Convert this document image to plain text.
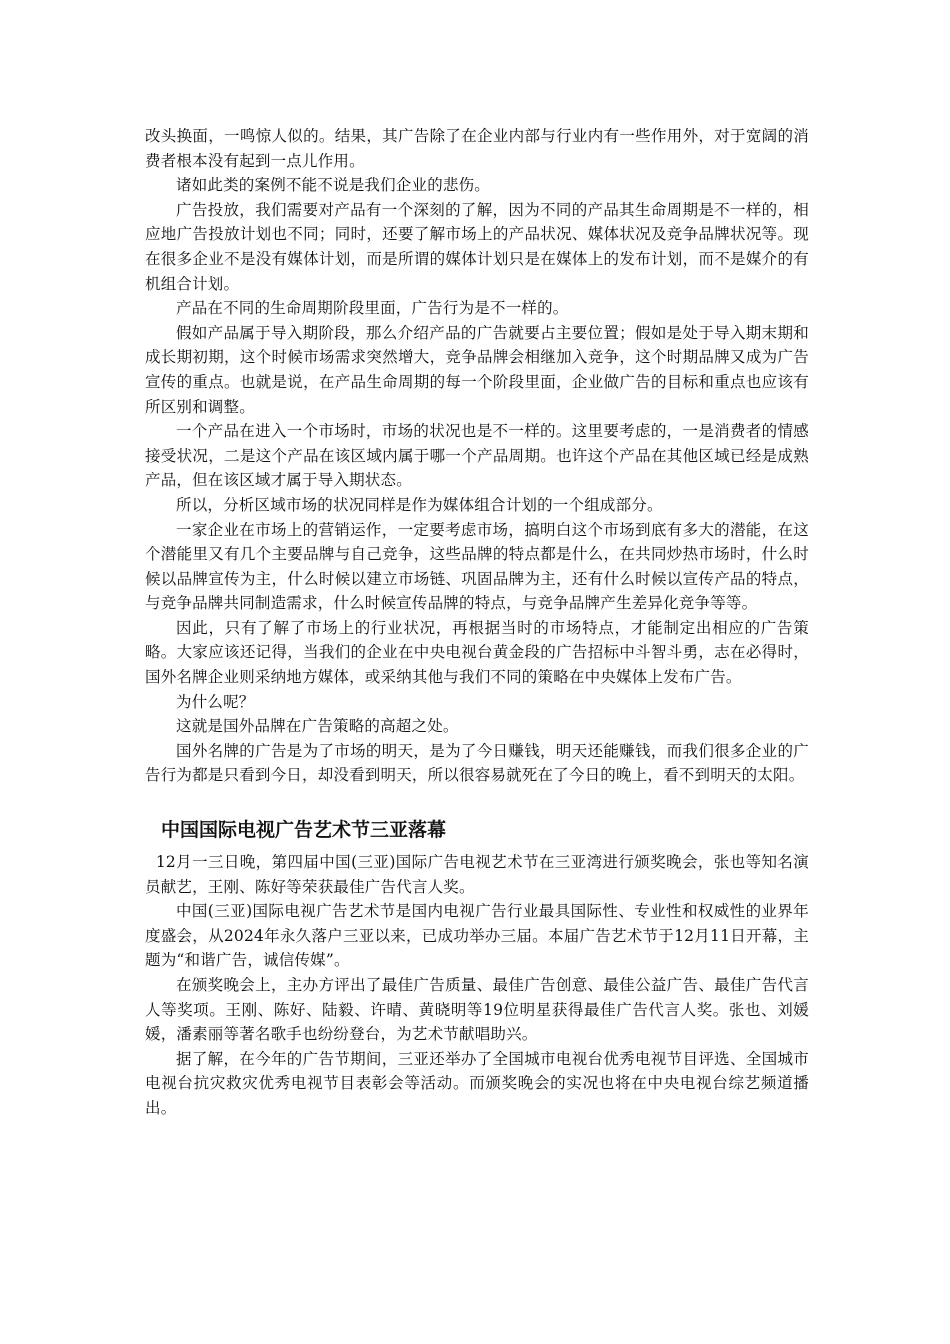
改头换面，一鸣惊人似的。结果，其广告除了在企业内部与行业内有一些作用外，对于宽阔的消费者根本没有起到一点儿作用。

诸如此类的案例不能不说是我们企业的悲伤。

广告投放，我们需要对产品有一个深刻的了解，因为不同的产品其生命周期是不一样的，相应地广告投放计划也不同；同时，还要了解市场上的产品状况、媒体状况及竞争品牌状况等。现在很多企业不是没有媒体计划，而是所谓的媒体计划只是在媒体上的发布计划，而不是媒介的有机组合计划。

产品在不同的生命周期阶段里面，广告行为是不一样的。

假如产品属于导入期阶段，那么介绍产品的广告就要占主要位置；假如是处于导入期末期和成长期初期，这个时候市场需求突然增大，竞争品牌会相继加入竞争，这个时期品牌又成为广告宣传的重点。也就是说，在产品生命周期的每一个阶段里面，企业做广告的目标和重点也应该有所区别和调整。

一个产品在进入一个市场时，市场的状况也是不一样的。这里要考虑的，一是消费者的情感接受状况，二是这个产品在该区域内属于哪一个产品周期。也许这个产品在其他区域已经是成熟产品，但在该区域才属于导入期状态。

所以，分析区域市场的状况同样是作为媒体组合计划的一个组成部分。

一家企业在市场上的营销运作，一定要考虑市场，搞明白这个市场到底有多大的潜能，在这个潜能里又有几个主要品牌与自己竞争，这些品牌的特点都是什么，在共同炒热市场时，什么时候以品牌宣传为主，什么时候以建立市场链、巩固品牌为主，还有什么时候以宣传产品的特点，与竞争品牌共同制造需求，什么时候宣传品牌的特点，与竞争品牌产生差异化竞争等等。

因此，只有了解了市场上的行业状况，再根据当时的市场特点，才能制定出相应的广告策略。大家应该还记得，当我们的企业在中央电视台黄金段的广告招标中斗智斗勇，志在必得时，国外名牌企业则采纳地方媒体，或采纳其他与我们不同的策略在中央媒体上发布广告。

为什么呢？

这就是国外品牌在广告策略的高超之处。

国外名牌的广告是为了市场的明天，是为了今日赚钱，明天还能赚钱，而我们很多企业的广告行为都是只看到今日，却没看到明天，所以很容易就死在了今日的晚上，看不到明天的太阳。

中国国际电视广告艺术节三亚落幕

12月一三日晚，第四届中国(三亚)国际广告电视艺术节在三亚湾进行颁奖晚会，张也等知名演员献艺，王刚、陈好等荣获最佳广告代言人奖。

中国(三亚)国际电视广告艺术节是国内电视广告行业最具国际性、专业性和权威性的业界年度盛会，从2024年永久落户三亚以来，已成功举办三届。本届广告艺术节于12月11日开幕，主题为“和谐广告，诚信传媒”。

在颁奖晚会上，主办方评出了最佳广告质量、最佳广告创意、最佳公益广告、最佳广告代言人等奖项。王刚、陈好、陆毅、许晴、黄晓明等19位明星获得最佳广告代言人奖。张也、刘媛媛，潘素丽等著名歌手也纷纷登台，为艺术节献唱助兴。

据了解，在今年的广告节期间，三亚还举办了全国城市电视台优秀电视节目评选、全国城市电视台抗灾救灾优秀电视节目表彰会等活动。而颁奖晚会的实况也将在中央电视台综艺频道播出。
